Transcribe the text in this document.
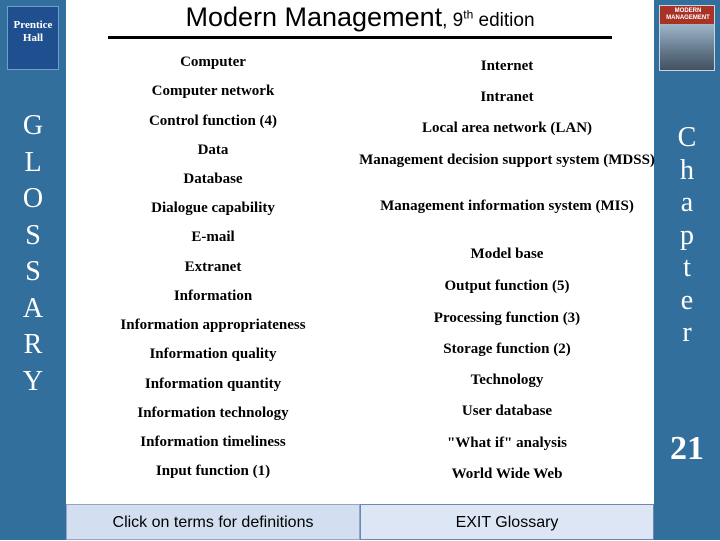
Prentice
Hall
MODERN MANAGEMENT
G
L
O
S
S
A
R
Y
C
h
a
p
t
e
r
21
Modern Management, 9th edition
Computer
Computer network
Control function (4)
Data
Database
Dialogue capability
E-mail
Extranet
Information
Information appropriateness
Information quality
Information quantity
Information technology
Information timeliness
Input function (1)
Internet
Intranet
Local area network (LAN)
Management decision support system (MDSS)
Management information system (MIS)
Model base
Output function (5)
Processing function (3)
Storage function (2)
Technology
User database
"What if" analysis
World Wide Web
Click on terms for definitions	EXIT Glossary
